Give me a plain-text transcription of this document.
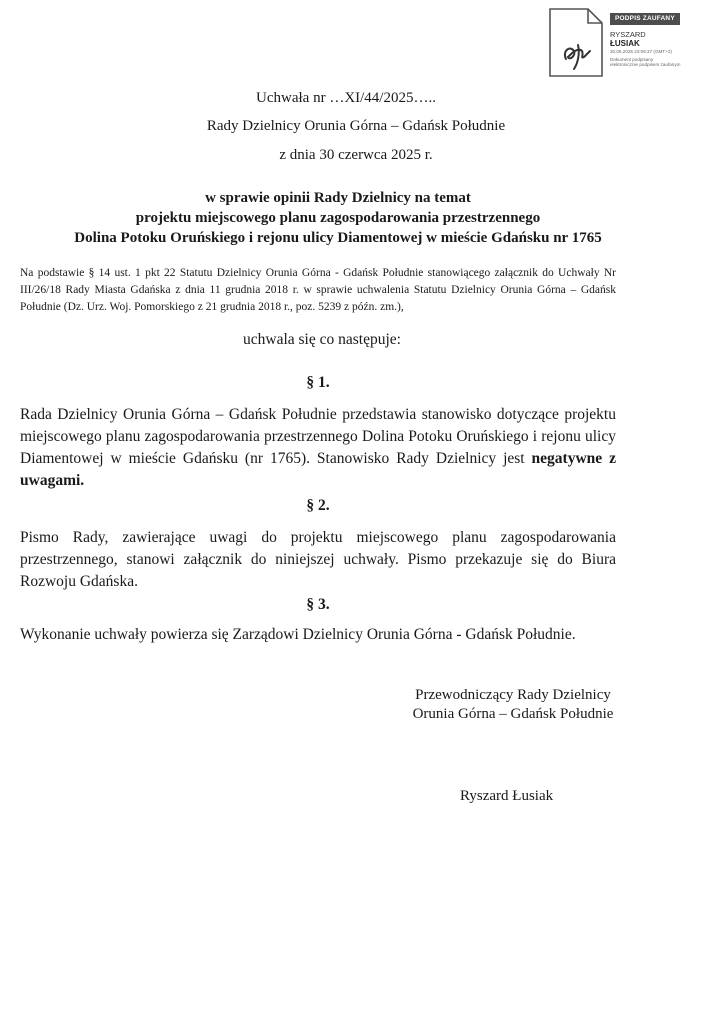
PODPIS ZAUFANY
RYSZARD
ŁUSIAK
30.06.2025 23:06:37 (GMT+2)
Dokument podpisany elektronicznie podpisem zaufanym
Uchwała nr …XI/44/2025…..
Rady Dzielnicy Orunia Górna – Gdańsk Południe
z dnia 30 czerwca 2025 r.
w sprawie opinii Rady Dzielnicy na temat
projektu miejscowego planu zagospodarowania przestrzennego
Dolina Potoku Oruńskiego i rejonu ulicy Diamentowej w mieście Gdańsku nr 1765
Na podstawie § 14 ust. 1 pkt 22 Statutu Dzielnicy Orunia Górna - Gdańsk Południe stanowiącego załącznik do Uchwały Nr III/26/18 Rady Miasta Gdańska z dnia 11 grudnia 2018 r. w sprawie uchwalenia Statutu Dzielnicy Orunia Górna – Gdańsk Południe (Dz. Urz. Woj. Pomorskiego z 21 grudnia 2018 r., poz. 5239 z późn. zm.),
uchwala się co następuje:
§ 1.
Rada Dzielnicy Orunia Górna – Gdańsk Południe przedstawia stanowisko dotyczące projektu miejscowego planu zagospodarowania przestrzennego Dolina Potoku Oruńskiego i rejonu ulicy Diamentowej w mieście Gdańsku (nr 1765). Stanowisko Rady Dzielnicy jest negatywne z uwagami.
§ 2.
Pismo Rady, zawierające uwagi do projektu miejscowego planu zagospodarowania przestrzennego, stanowi załącznik do niniejszej uchwały. Pismo przekazuje się do Biura Rozwoju Gdańska.
§ 3.
Wykonanie uchwały powierza się Zarządowi Dzielnicy Orunia Górna - Gdańsk Południe.
Przewodniczący Rady Dzielnicy
Orunia Górna – Gdańsk Południe
Ryszard Łusiak
